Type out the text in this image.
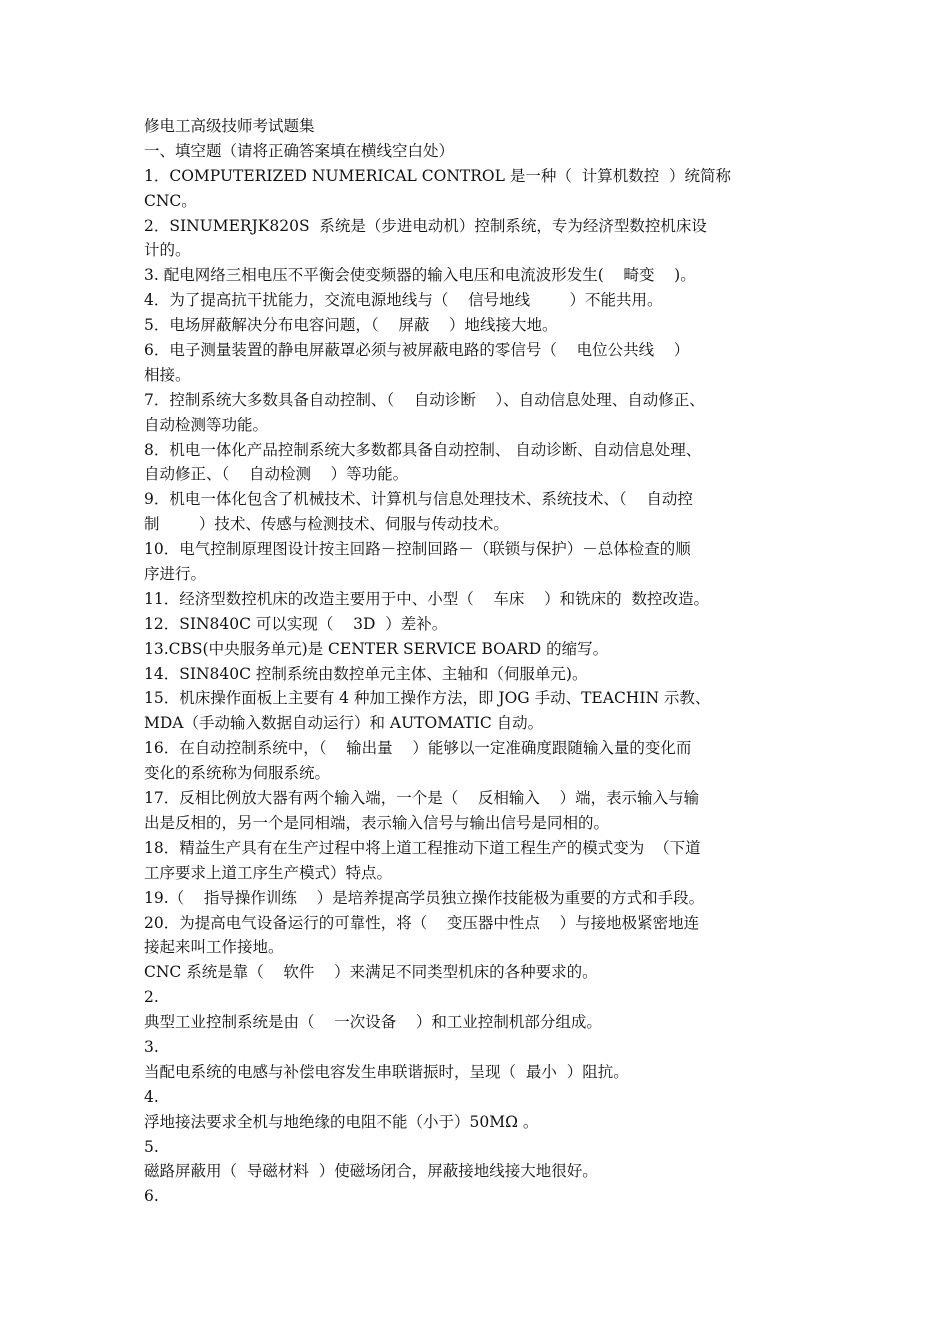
修电工高级技师考试题集
一、填空题（请将正确答案填在横线空白处）
1．COMPUTERIZED NUMERICAL CONTROL 是一种（  计算机数控  ）统简称
CNC。
2．SINUMERJK820S  系统是（步进电动机）控制系统，专为经济型数控机床设
计的。
3. 配电网络三相电压不平衡会使变频器的输入电压和电流波形发生(    畸变    )。
4．为了提高抗干扰能力，交流电源地线与（    信号地线        ）不能共用。
5．电场屏蔽解决分布电容问题，（    屏蔽    ）地线接大地。
6．电子测量装置的静电屏蔽罩必须与被屏蔽电路的零信号（    电位公共线    ）
相接。
7．控制系统大多数具备自动控制、（    自动诊断    ）、自动信息处理、自动修正、
自动检测等功能。
8．机电一体化产品控制系统大多数都具备自动控制、 自动诊断、自动信息处理、
自动修正、（    自动检测    ）等功能。
9．机电一体化包含了机械技术、计算机与信息处理技术、系统技术、（    自动控
制        ）技术、传感与检测技术、伺服与传动技术。
10．电气控制原理图设计按主回路－控制回路－（联锁与保护）－总体检查的顺
序进行。
11．经济型数控机床的改造主要用于中、小型（    车床    ）和铣床的  数控改造。
12．SIN840C 可以实现（    3D  ）差补。
13.CBS(中央服务单元)是 CENTER SERVICE BOARD 的缩写。
14．SIN840C 控制系统由数控单元主体、主轴和（伺服单元)。
15．机床操作面板上主要有 4 种加工操作方法，即 JOG 手动、TEACHIN 示教、
MDA（手动输入数据自动运行）和 AUTOMATIC 自动。
16．在自动控制系统中，（    输出量    ）能够以一定准确度跟随输入量的变化而
变化的系统称为伺服系统。
17．反相比例放大器有两个输入端，一个是（    反相输入    ）端，表示输入与输
出是反相的，另一个是同相端，表示输入信号与输出信号是同相的。
18．精益生产具有在生产过程中将上道工程推动下道工程生产的模式变为  （下道
工序要求上道工序生产模式）特点。
19.（    指导操作训练    ）是培养提高学员独立操作技能极为重要的方式和手段。
20．为提高电气设备运行的可靠性，将（    变压器中性点    ）与接地极紧密地连
接起来叫工作接地。
CNC 系统是靠（    软件    ）来满足不同类型机床的各种要求的。
2.
典型工业控制系统是由（    一次设备    ）和工业控制机部分组成。
3.
当配电系统的电感与补偿电容发生串联谐振时，呈现（  最小  ）阻抗。
4.
浮地接法要求全机与地绝缘的电阻不能（小于）50MΩ 。
5.
磁路屏蔽用（  导磁材料  ）使磁场闭合，屏蔽接地线接大地很好。
6.
